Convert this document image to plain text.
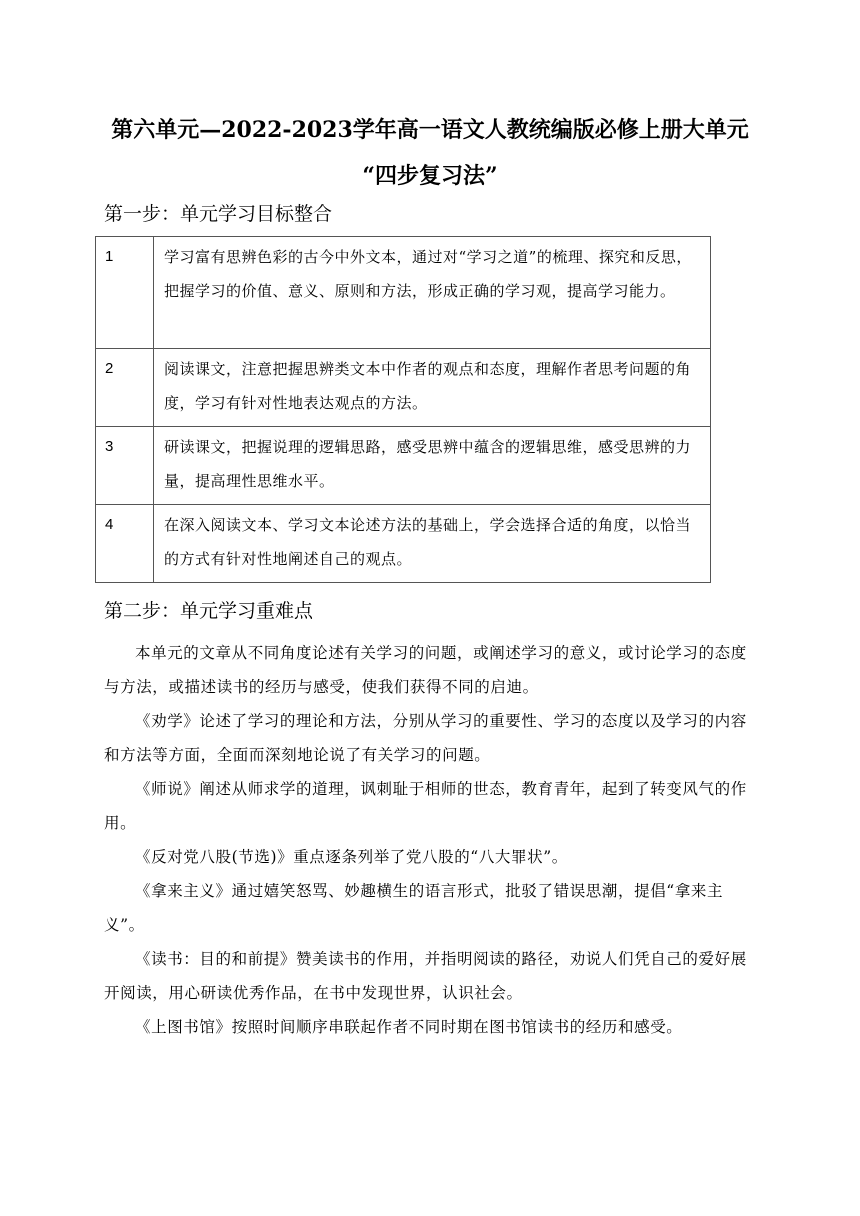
第六单元—2022-2023学年高一语文人教统编版必修上册大单元
“四步复习法”
第一步：单元学习目标整合
1	学习富有思辨色彩的古今中外文本，通过对“学习之道”的梳理、探究和反思，把握学习的价值、意义、原则和方法，形成正确的学习观，提高学习能力。
2	阅读课文，注意把握思辨类文本中作者的观点和态度，理解作者思考问题的角度，学习有针对性地表达观点的方法。
3	研读课文，把握说理的逻辑思路，感受思辨中蕴含的逻辑思维，感受思辨的力量，提高理性思维水平。
4	在深入阅读文本、学习文本论述方法的基础上，学会选择合适的角度，以恰当的方式有针对性地阐述自己的观点。
第二步：单元学习重难点

本单元的文章从不同角度论述有关学习的问题，或阐述学习的意义，或讨论学习的态度与方法，或描述读书的经历与感受，使我们获得不同的启迪。

《劝学》论述了学习的理论和方法，分别从学习的重要性、学习的态度以及学习的内容和方法等方面，全面而深刻地论说了有关学习的问题。

《师说》阐述从师求学的道理，讽刺耻于相师的世态，教育青年，起到了转变风气的作用。

《反对党八股(节选)》重点逐条列举了党八股的“八大罪状”。

《拿来主义》通过嬉笑怒骂、妙趣横生的语言形式，批驳了错误思潮，提倡“拿来主义”。

《读书：目的和前提》赞美读书的作用，并指明阅读的路径，劝说人们凭自己的爱好展开阅读，用心研读优秀作品，在书中发现世界，认识社会。

《上图书馆》按照时间顺序串联起作者不同时期在图书馆读书的经历和感受。
